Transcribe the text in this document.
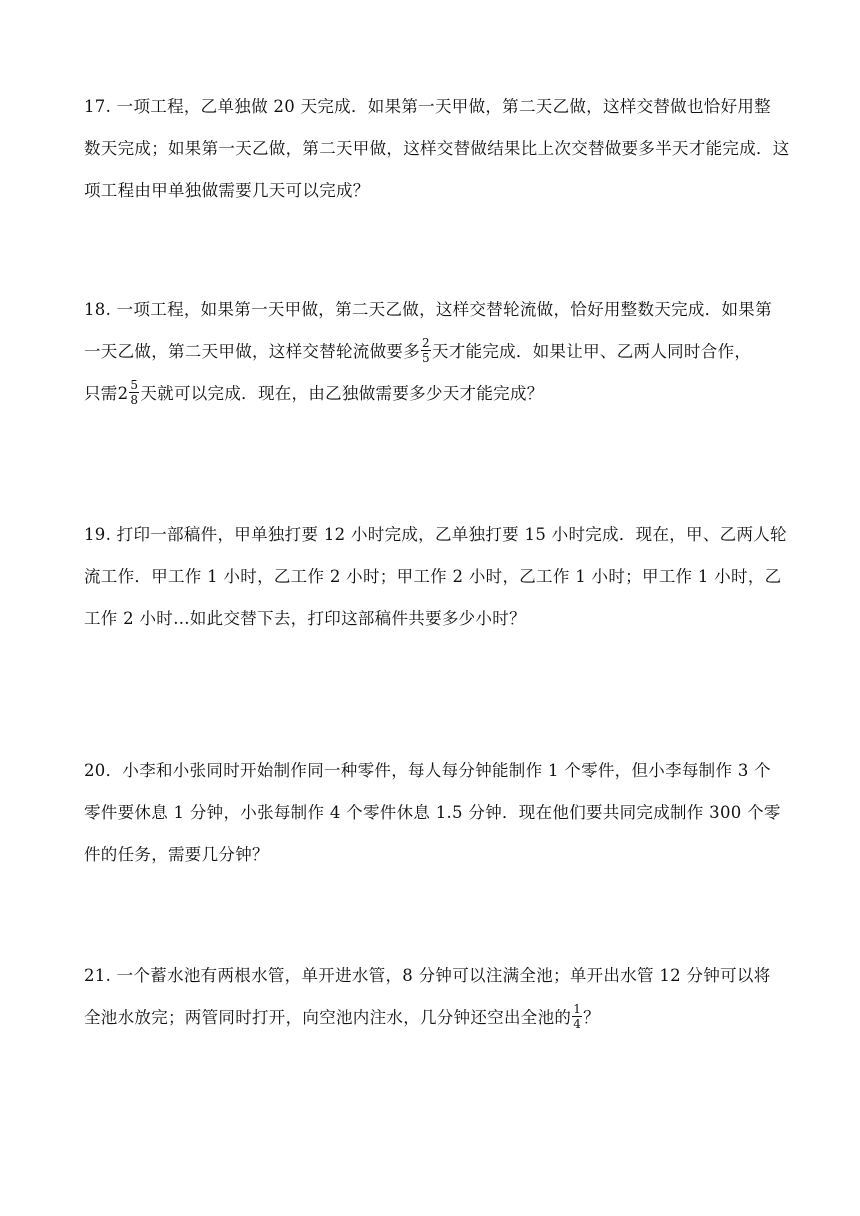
17. 一项工程，乙单独做 20 天完成．如果第一天甲做，第二天乙做，这样交替做也恰好用整
数天完成；如果第一天乙做，第二天甲做，这样交替做结果比上次交替做要多半天才能完成．这
项工程由甲单独做需要几天可以完成？
18. 一项工程，如果第一天甲做，第二天乙做，这样交替轮流做，恰好用整数天完成．如果第
一天乙做，第二天甲做，这样交替轮流做要多 $\frac{2}{5}$ 天才能完成．如果让甲、乙两人同时合作，
只需$2 \frac{5}{8}$ 天就可以完成．现在，由乙独做需要多少天才能完成？
19. 打印一部稿件，甲单独打要 12 小时完成，乙单独打要 15 小时完成．现在，甲、乙两人轮
流工作．甲工作 1 小时，乙工作 2 小时；甲工作 2 小时，乙工作 1 小时；甲工作 1 小时，乙
工作 2 小时…如此交替下去，打印这部稿件共要多少小时？
20．小李和小张同时开始制作同一种零件，每人每分钟能制作 1 个零件，但小李每制作 3 个
零件要休息 1 分钟，小张每制作 4 个零件休息 1.5 分钟．现在他们要共同完成制作 300 个零
件的任务，需要几分钟？
21. 一个蓄水池有两根水管，单开进水管，8 分钟可以注满全池；单开出水管 12 分钟可以将
全池水放完；两管同时打开，向空池内注水，几分钟还空出全池的 $\frac{1}{4}$ ？
